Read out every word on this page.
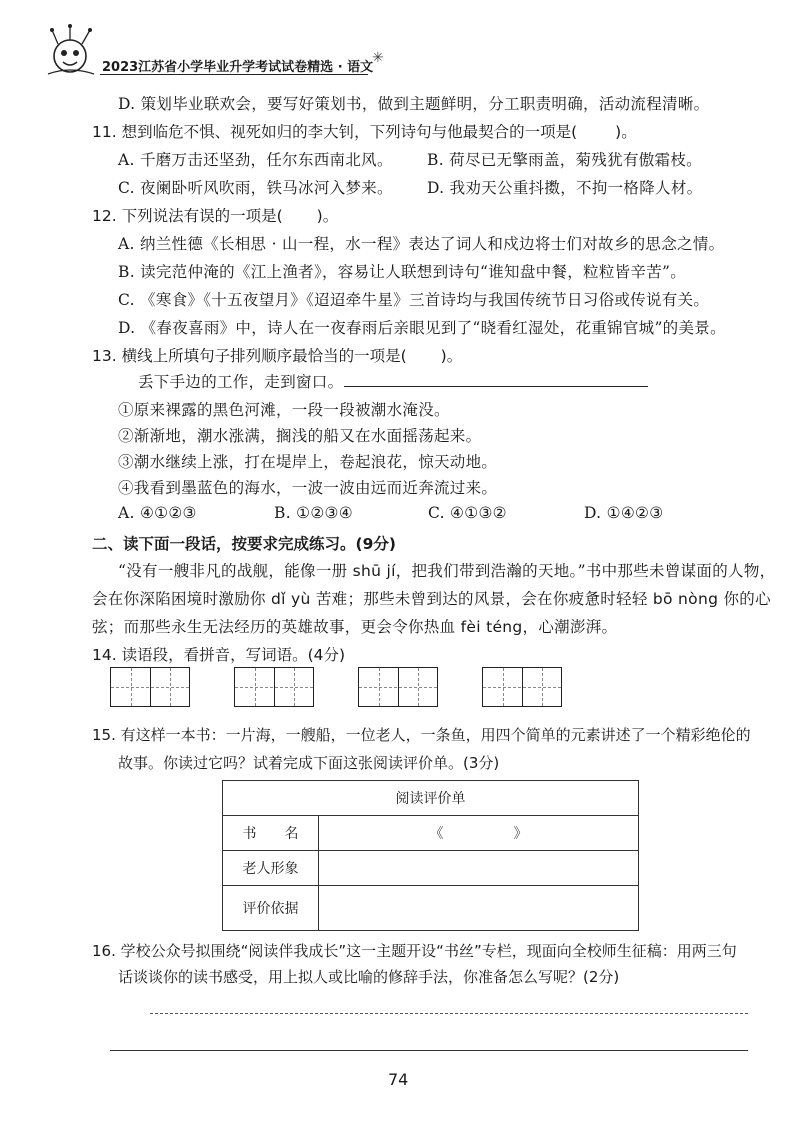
2023江苏省小学毕业升学考试试卷精选 · 语文
✳
D. 策划毕业联欢会，要写好策划书，做到主题鲜明，分工职责明确，活动流程清晰。
11. 想到临危不惧、视死如归的李大钊，下列诗句与他最契合的一项是( )。
A. 千磨万击还坚劲，任尔东西南北风。 B. 荷尽已无擎雨盖，菊残犹有傲霜枝。
C. 夜阑卧听风吹雨，铁马冰河入梦来。 D. 我劝天公重抖擞，不拘一格降人材。
12. 下列说法有误的一项是( )。
A. 纳兰性德《长相思 · 山一程，水一程》表达了词人和戍边将士们对故乡的思念之情。
B. 读完范仲淹的《江上渔者》，容易让人联想到诗句“谁知盘中餐，粒粒皆辛苦”。
C. 《寒食》《十五夜望月》《迢迢牵牛星》三首诗均与我国传统节日习俗或传说有关。
D. 《春夜喜雨》中，诗人在一夜春雨后亲眼见到了“晓看红湿处，花重锦官城”的美景。
13. 横线上所填句子排列顺序最恰当的一项是( )。
丢下手边的工作，走到窗口。
①原来裸露的黑色河滩，一段一段被潮水淹没。
②渐渐地，潮水涨满，搁浅的船又在水面摇荡起来。
③潮水继续上涨，打在堤岸上，卷起浪花，惊天动地。
④我看到墨蓝色的海水，一波一波由远而近奔流过来。
A. ④①②③	B. ①②③④	C. ④①③②	D. ①④②③
二、读下面一段话，按要求完成练习。(9分)
“没有一艘非凡的战舰，能像一册 shū jí，把我们带到浩瀚的天地。”书中那些未曾谋面的人物，
会在你深陷困境时激励你 dǐ yù 苦难；那些未曾到达的风景，会在你疲惫时轻轻 bō nòng 你的心
弦；而那些永生无法经历的英雄故事，更会令你热血 fèi téng，心潮澎湃。
14. 读语段，看拼音，写词语。(4分)
15. 有这样一本书：一片海，一艘船，一位老人，一条鱼，用四个简单的元素讲述了一个精彩绝伦的
故事。你读过它吗？试着完成下面这张阅读评价单。(3分)
阅读评价单	
书　　名	《　　　　　》
老人形象	
评价依据	
16. 学校公众号拟围绕“阅读伴我成长”这一主题开设“书丝”专栏，现面向全校师生征稿：用两三句
话谈谈你的读书感受，用上拟人或比喻的修辞手法，你准备怎么写呢？(2分)
74
